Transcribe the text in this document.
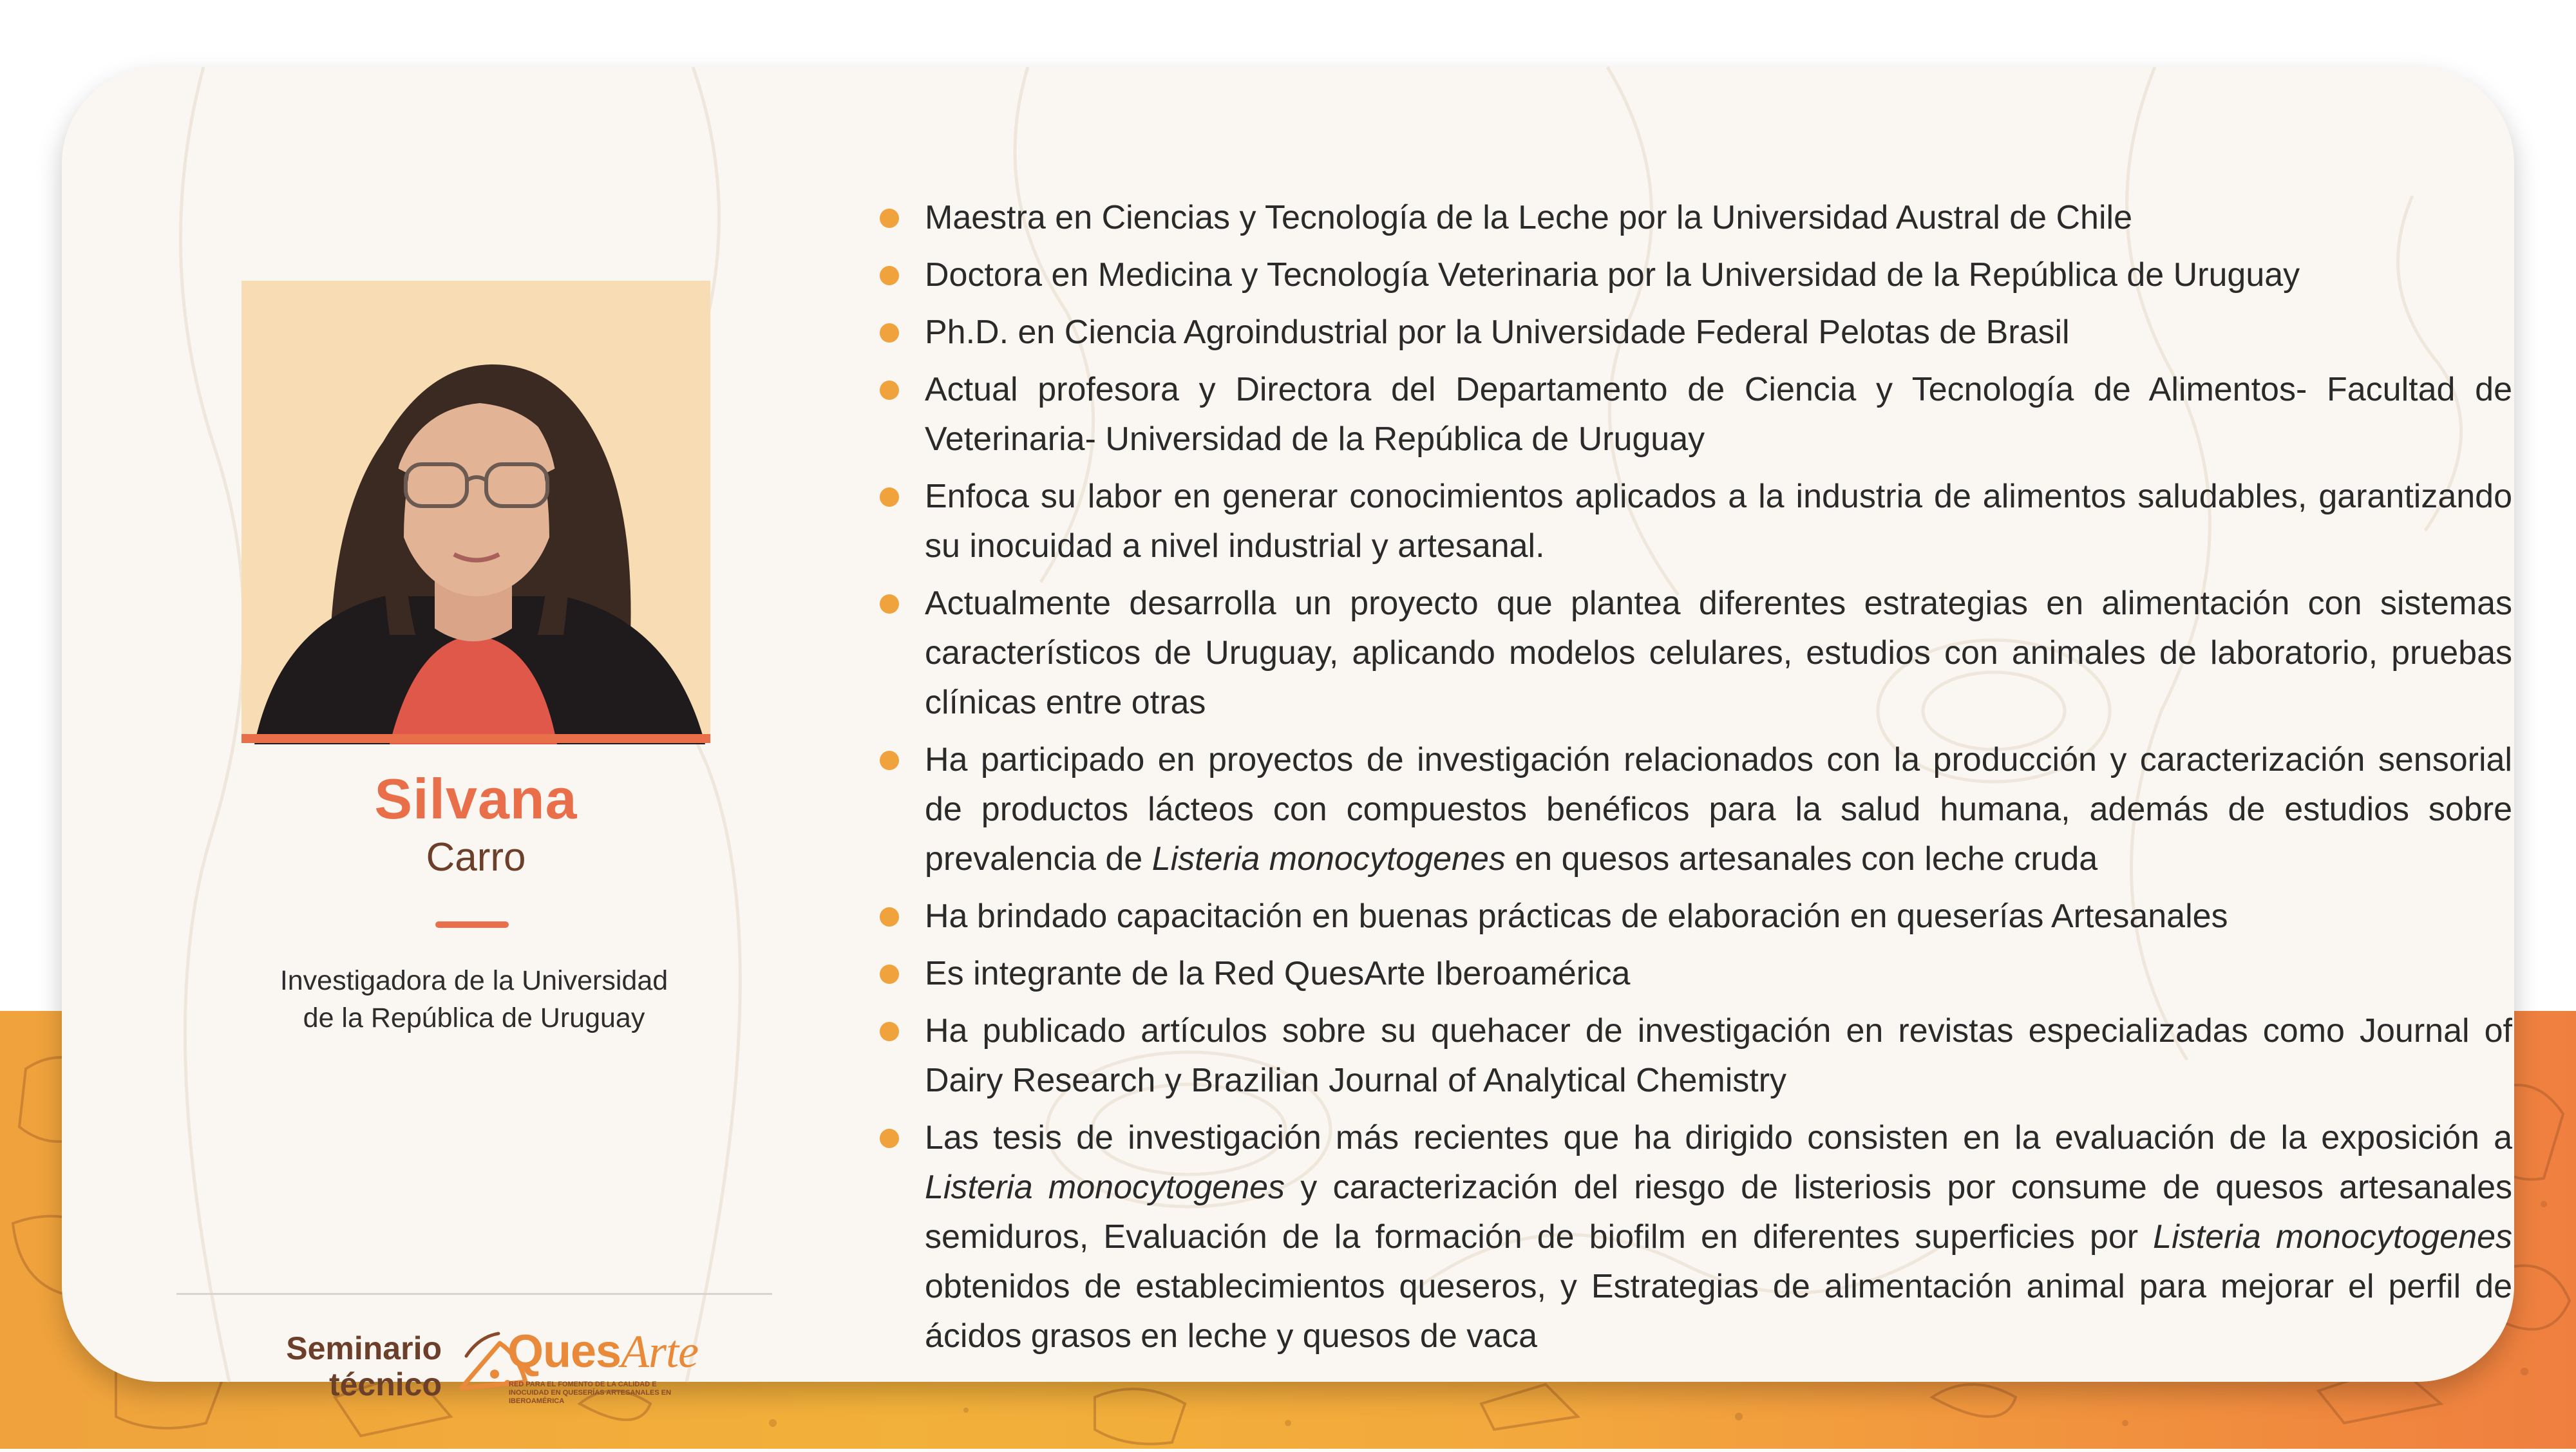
Silvana
Carro
Investigadora de la Universidad
de la República de Uruguay
Seminario
técnico
QuesArte
RED PARA EL FOMENTO DE LA CALIDAD E INOCUIDAD EN QUESERÍAS ARTESANALES EN IBEROAMÉRICA
Maestra en Ciencias y Tecnología de la Leche por la Universidad Austral de Chile
Doctora en Medicina y Tecnología Veterinaria por la Universidad de la República de Uruguay
Ph.D. en Ciencia Agroindustrial por la Universidade Federal Pelotas de Brasil
Actual profesora y Directora del Departamento de Ciencia y Tecnología de Alimentos- Facultad de Veterinaria- Universidad de la República de Uruguay
Enfoca su labor en generar conocimientos aplicados a la industria de alimentos saludables, garantizando su inocuidad a nivel industrial y artesanal.
Actualmente desarrolla un proyecto que plantea diferentes estrategias en alimentación con sistemas característicos de Uruguay, aplicando modelos celulares, estudios con animales de laboratorio, pruebas clínicas entre otras
Ha participado en proyectos de investigación relacionados con la producción y caracterización sensorial de productos lácteos con compuestos benéficos para la salud humana, además de estudios sobre prevalencia de Listeria monocytogenes en quesos artesanales con leche cruda
Ha brindado capacitación en buenas prácticas de elaboración en queserías Artesanales
Es integrante de la Red QuesArte Iberoamérica
Ha publicado artículos sobre su quehacer de investigación en revistas especializadas como Journal of Dairy Research y Brazilian Journal of Analytical Chemistry
Las tesis de investigación más recientes que ha dirigido consisten en la evaluación de la exposición a Listeria monocytogenes y caracterización del riesgo de listeriosis por consume de quesos artesanales semiduros, Evaluación de la formación de biofilm en diferentes superficies por Listeria monocytogenes obtenidos de establecimientos queseros, y Estrategias de alimentación animal para mejorar el perfil de ácidos grasos en leche y quesos de vaca
